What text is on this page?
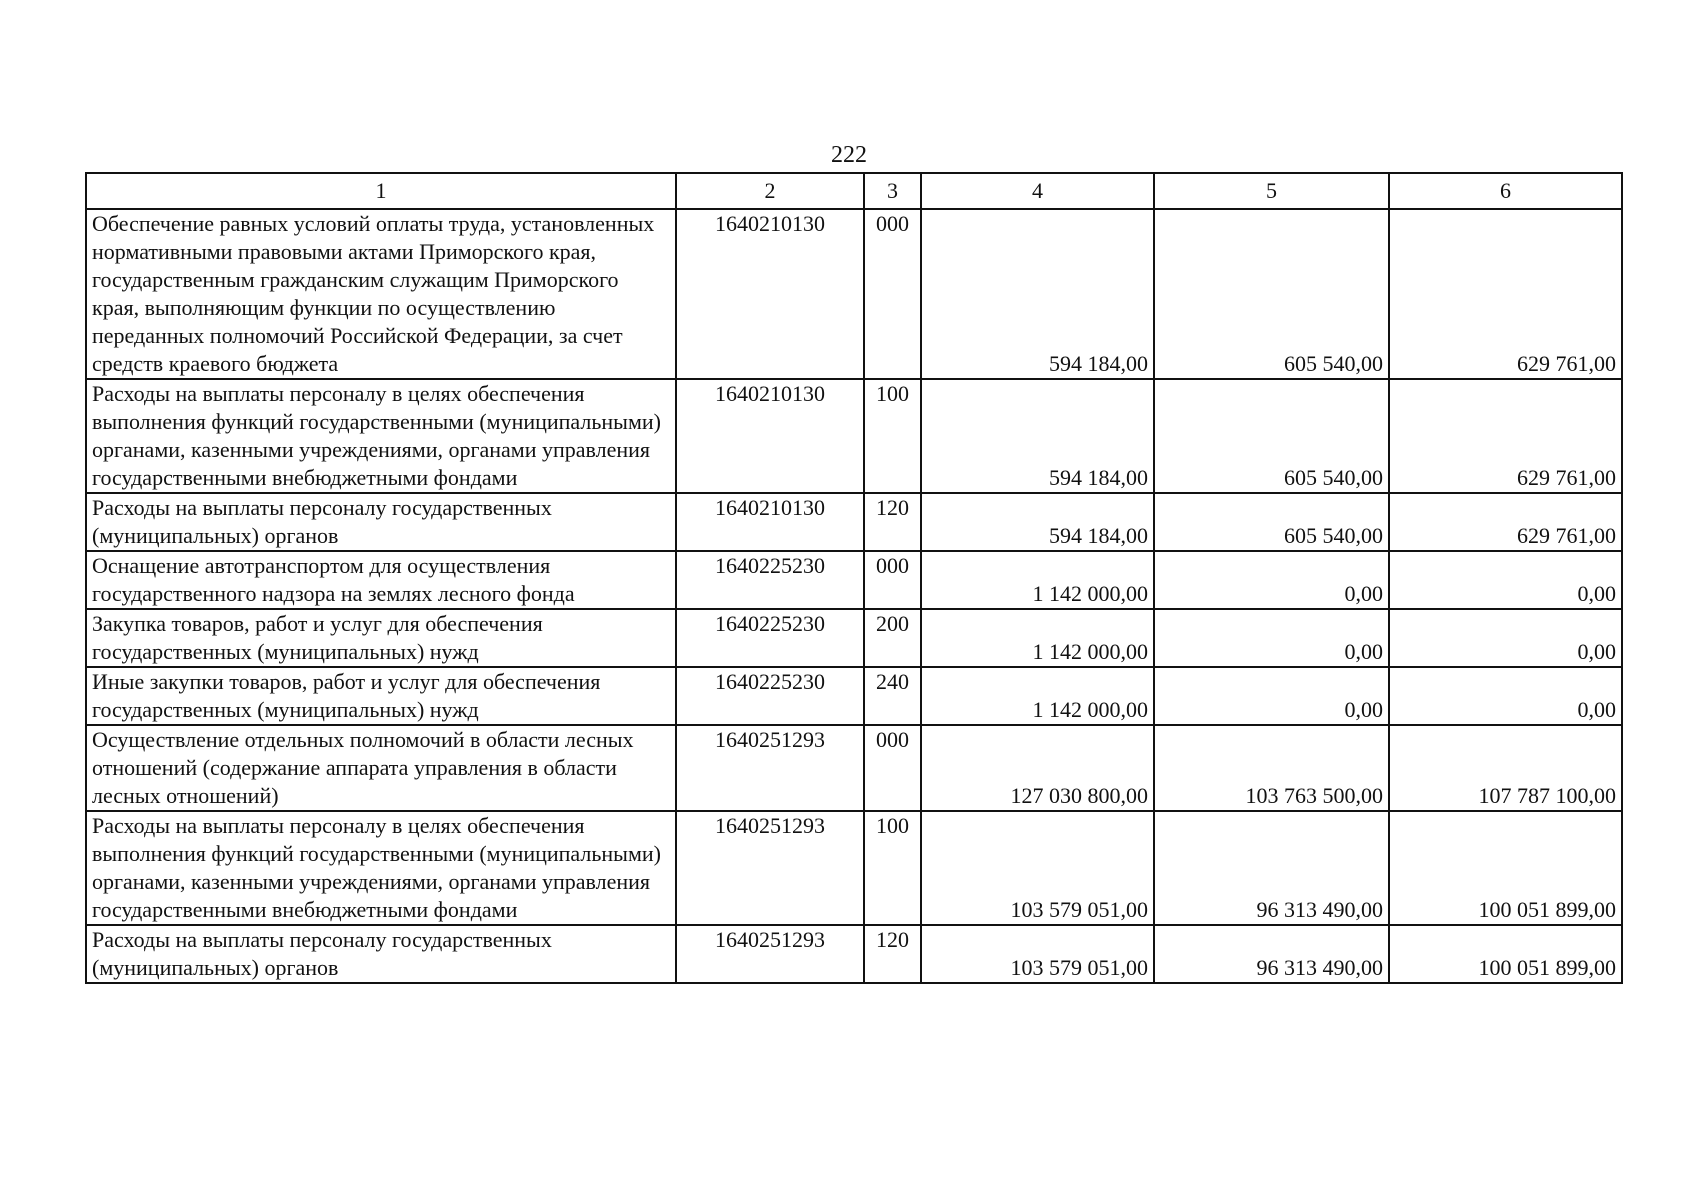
222
1	2	3	4	5	6
Обеспечение равных условий оплаты труда, установленных нормативными правовыми актами Приморского края, государственным гражданским служащим Приморского края, выполняющим функции по осуществлению переданных полномочий Российской Федерации, за счет средств краевого бюджета	1640210130	000	594 184,00	605 540,00	629 761,00
Расходы на выплаты персоналу в целях обеспечения выполнения функций государственными (муниципальными) органами, казенными учреждениями, органами управления государственными внебюджетными фондами	1640210130	100	594 184,00	605 540,00	629 761,00
Расходы на выплаты персоналу государственных (муниципальных) органов	1640210130	120	594 184,00	605 540,00	629 761,00
Оснащение автотранспортом для осуществления государственного надзора на землях лесного фонда	1640225230	000	1 142 000,00	0,00	0,00
Закупка товаров, работ и услуг для обеспечения государственных (муниципальных) нужд	1640225230	200	1 142 000,00	0,00	0,00
Иные закупки товаров, работ и услуг для обеспечения государственных (муниципальных) нужд	1640225230	240	1 142 000,00	0,00	0,00
Осуществление отдельных полномочий в области лесных отношений (содержание аппарата управления в области лесных отношений)	1640251293	000	127 030 800,00	103 763 500,00	107 787 100,00
Расходы на выплаты персоналу в целях обеспечения выполнения функций государственными (муниципальными) органами, казенными учреждениями, органами управления государственными внебюджетными фондами	1640251293	100	103 579 051,00	96 313 490,00	100 051 899,00
Расходы на выплаты персоналу государственных (муниципальных) органов	1640251293	120	103 579 051,00	96 313 490,00	100 051 899,00
